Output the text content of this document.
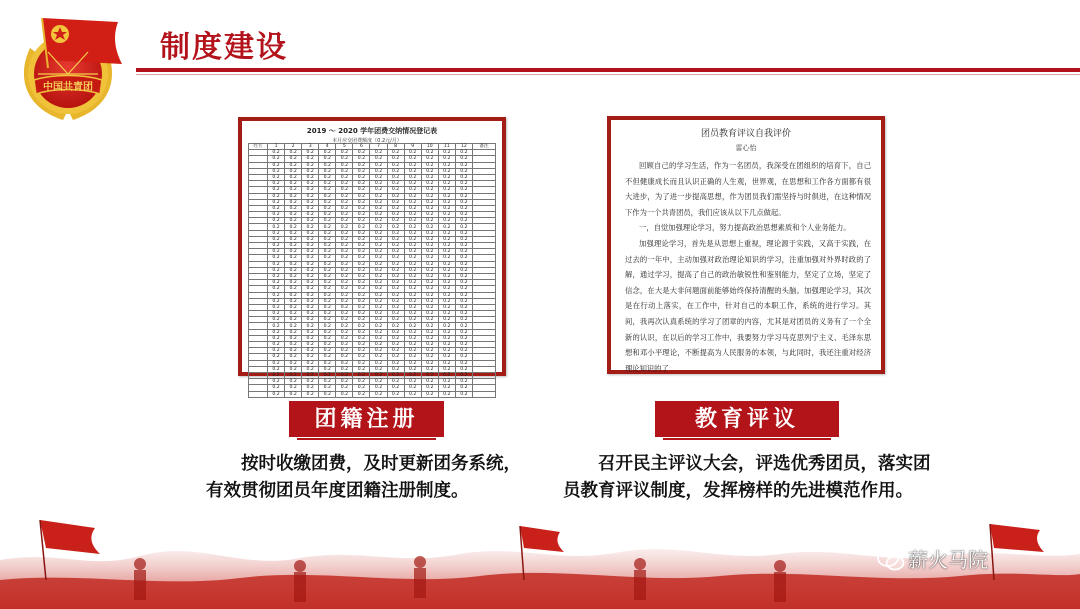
中国共青团
制度建设
2019 ～ 2020 学年团费交纳情况登记表
本月应交团费额度（0.2元/月）
姓名	1	2	3	4	5	6	7	8	9	10	11	12	备注
	0.2	0.2	0.2	0.2	0.2	0.2	0.2	0.2	0.2	0.2	0.2	0.2	
	0.2	0.2	0.2	0.2	0.2	0.2	0.2	0.2	0.2	0.2	0.2	0.2	
	0.2	0.2	0.2	0.2	0.2	0.2	0.2	0.2	0.2	0.2	0.2	0.2	
	0.2	0.2	0.2	0.2	0.2	0.2	0.2	0.2	0.2	0.2	0.2	0.2	
	0.2	0.2	0.2	0.2	0.2	0.2	0.2	0.2	0.2	0.2	0.2	0.2	
	0.2	0.2	0.2	0.2	0.2	0.2	0.2	0.2	0.2	0.2	0.2	0.2	
	0.2	0.2	0.2	0.2	0.2	0.2	0.2	0.2	0.2	0.2	0.2	0.2	
	0.2	0.2	0.2	0.2	0.2	0.2	0.2	0.2	0.2	0.2	0.2	0.2	
	0.2	0.2	0.2	0.2	0.2	0.2	0.2	0.2	0.2	0.2	0.2	0.2	
	0.2	0.2	0.2	0.2	0.2	0.2	0.2	0.2	0.2	0.2	0.2	0.2	
	0.2	0.2	0.2	0.2	0.2	0.2	0.2	0.2	0.2	0.2	0.2	0.2	
	0.2	0.2	0.2	0.2	0.2	0.2	0.2	0.2	0.2	0.2	0.2	0.2	
	0.2	0.2	0.2	0.2	0.2	0.2	0.2	0.2	0.2	0.2	0.2	0.2	
	0.2	0.2	0.2	0.2	0.2	0.2	0.2	0.2	0.2	0.2	0.2	0.2	
	0.2	0.2	0.2	0.2	0.2	0.2	0.2	0.2	0.2	0.2	0.2	0.2	
	0.2	0.2	0.2	0.2	0.2	0.2	0.2	0.2	0.2	0.2	0.2	0.2	
	0.2	0.2	0.2	0.2	0.2	0.2	0.2	0.2	0.2	0.2	0.2	0.2	
	0.2	0.2	0.2	0.2	0.2	0.2	0.2	0.2	0.2	0.2	0.2	0.2	
	0.2	0.2	0.2	0.2	0.2	0.2	0.2	0.2	0.2	0.2	0.2	0.2	
	0.2	0.2	0.2	0.2	0.2	0.2	0.2	0.2	0.2	0.2	0.2	0.2	
	0.2	0.2	0.2	0.2	0.2	0.2	0.2	0.2	0.2	0.2	0.2	0.2	
	0.2	0.2	0.2	0.2	0.2	0.2	0.2	0.2	0.2	0.2	0.2	0.2	
	0.2	0.2	0.2	0.2	0.2	0.2	0.2	0.2	0.2	0.2	0.2	0.2	
	0.2	0.2	0.2	0.2	0.2	0.2	0.2	0.2	0.2	0.2	0.2	0.2	
	0.2	0.2	0.2	0.2	0.2	0.2	0.2	0.2	0.2	0.2	0.2	0.2	
	0.2	0.2	0.2	0.2	0.2	0.2	0.2	0.2	0.2	0.2	0.2	0.2	
	0.2	0.2	0.2	0.2	0.2	0.2	0.2	0.2	0.2	0.2	0.2	0.2	
	0.2	0.2	0.2	0.2	0.2	0.2	0.2	0.2	0.2	0.2	0.2	0.2	
	0.2	0.2	0.2	0.2	0.2	0.2	0.2	0.2	0.2	0.2	0.2	0.2	
	0.2	0.2	0.2	0.2	0.2	0.2	0.2	0.2	0.2	0.2	0.2	0.2	
	0.2	0.2	0.2	0.2	0.2	0.2	0.2	0.2	0.2	0.2	0.2	0.2	
	0.2	0.2	0.2	0.2	0.2	0.2	0.2	0.2	0.2	0.2	0.2	0.2	
	0.2	0.2	0.2	0.2	0.2	0.2	0.2	0.2	0.2	0.2	0.2	0.2	
	0.2	0.2	0.2	0.2	0.2	0.2	0.2	0.2	0.2	0.2	0.2	0.2	
	0.2	0.2	0.2	0.2	0.2	0.2	0.2	0.2	0.2	0.2	0.2	0.2	
	0.2	0.2	0.2	0.2	0.2	0.2	0.2	0.2	0.2	0.2	0.2	0.2	
	0.2	0.2	0.2	0.2	0.2	0.2	0.2	0.2	0.2	0.2	0.2	0.2	
	0.2	0.2	0.2	0.2	0.2	0.2	0.2	0.2	0.2	0.2	0.2	0.2	
	0.2	0.2	0.2	0.2	0.2	0.2	0.2	0.2	0.2	0.2	0.2	0.2	
	0.2	0.2	0.2	0.2	0.2	0.2	0.2	0.2	0.2	0.2	0.2	0.2	
团员教育评议自我评价
雷心怡
回顾自己的学习生活，作为一名团员，我深受在团组织的培育下，自己不但健康成长而且认识正确的人生观，世界观，在思想和工作各方面都有很大进步，为了进一步提高思想，作为团员我们需坚持与时俱进，在这种情况下作为一个共青团员，我们应该从以下几点做起。
一，自觉加强理论学习，努力提高政治思想素质和个人业务能力。
加强理论学习，首先是从思想上重视，理论源于实践，又高于实践，在过去的一年中，主动加强对政治理论知识的学习，注重加强对外界时政的了解，通过学习，提高了自己的政治敏锐性和鉴别能力，坚定了立场，坚定了信念，在大是大非问题面前能够始终保持清醒的头脑。加强理论学习，其次是在行动上落实，在工作中，针对自己的本职工作，系统的进行学习。其间，我再次认真系统的学习了团章的内容，尤其是对团员的义务有了一个全新的认识，在以后的学习工作中，我要努力学习马克思列宁主义、毛泽东思想和邓小平理论，不断提高为人民服务的本领，与此同时，我还注重对经济理论知识的了
团籍注册	教育评议
按时收缴团费，及时更新团务系统，有效贯彻团员年度团籍注册制度。
召开民主评议大会，评选优秀团员，落实团员教育评议制度，发挥榜样的先进模范作用。
薪火马院
